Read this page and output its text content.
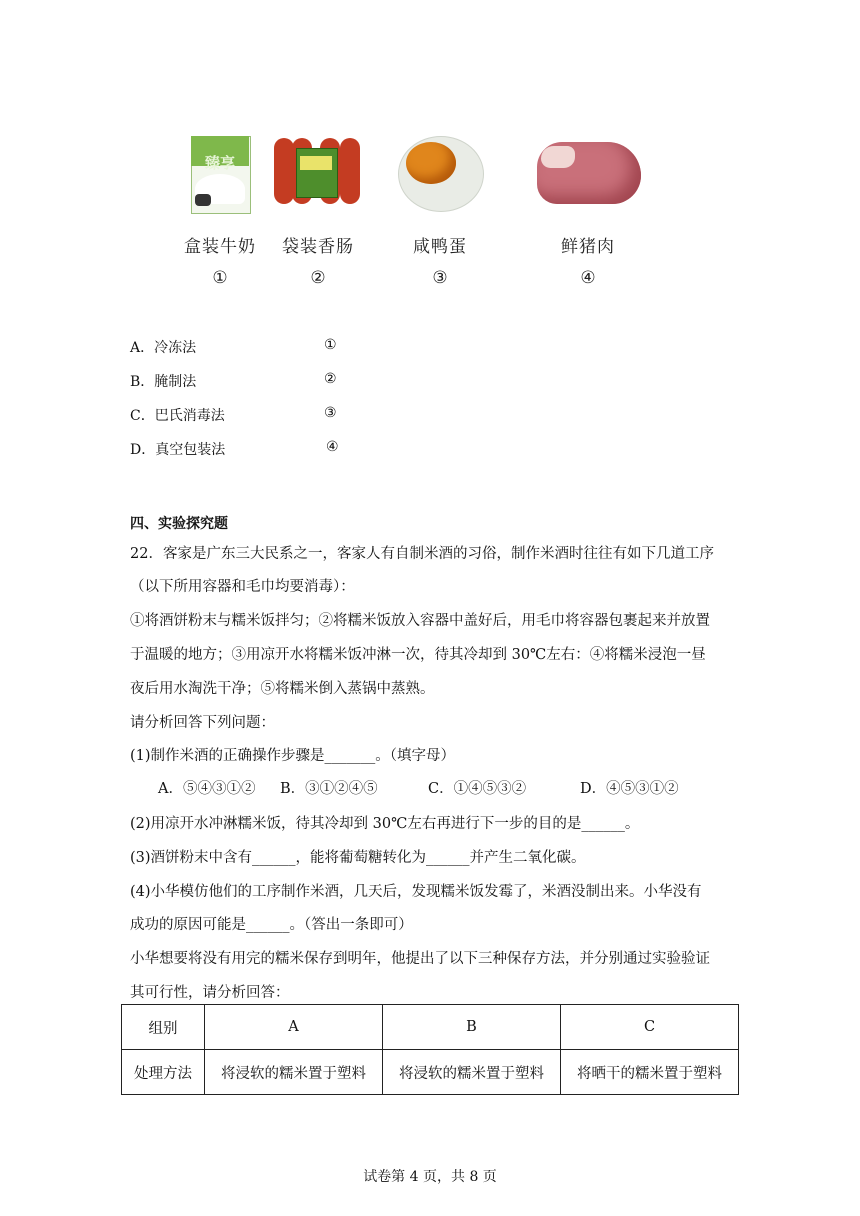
臻享
盒装牛奶
①
袋装香肠
②
咸鸭蛋
③
鲜猪肉
④
A．冷冻法	①
B．腌制法	②
C．巴氏消毒法	③
D．真空包装法	④
四、实验探究题
22．客家是广东三大民系之一，客家人有自制米酒的习俗，制作米酒时往往有如下几道工序
（以下所用容器和毛巾均要消毒）：
①将酒饼粉末与糯米饭拌匀；②将糯米饭放入容器中盖好后，用毛巾将容器包裹起来并放置
于温暖的地方；③用凉开水将糯米饭冲淋一次，待其冷却到 30℃左右：④将糯米浸泡一昼
夜后用水淘洗干净；⑤将糯米倒入蒸锅中蒸熟。
请分析回答下列问题：
(1)制作米酒的正确操作步骤是_______。（填字母）
A．⑤④③①② B．③①②④⑤	C．①④⑤③②	D．④⑤③①②
(2)用凉开水冲淋糯米饭，待其冷却到 30℃左右再进行下一步的目的是______。
(3)酒饼粉末中含有______，能将葡萄糖转化为______并产生二氧化碳。
(4)小华模仿他们的工序制作米酒，几天后，发现糯米饭发霉了，米酒没制出来。小华没有
成功的原因可能是______。（答出一条即可）
小华想要将没有用完的糯米保存到明年，他提出了以下三种保存方法，并分别通过实验验证
其可行性，请分析回答：
组别	A	B	C
处理方法	将浸软的糯米置于塑料	将浸软的糯米置于塑料	将晒干的糯米置于塑料
试卷第 4 页，共 8 页
